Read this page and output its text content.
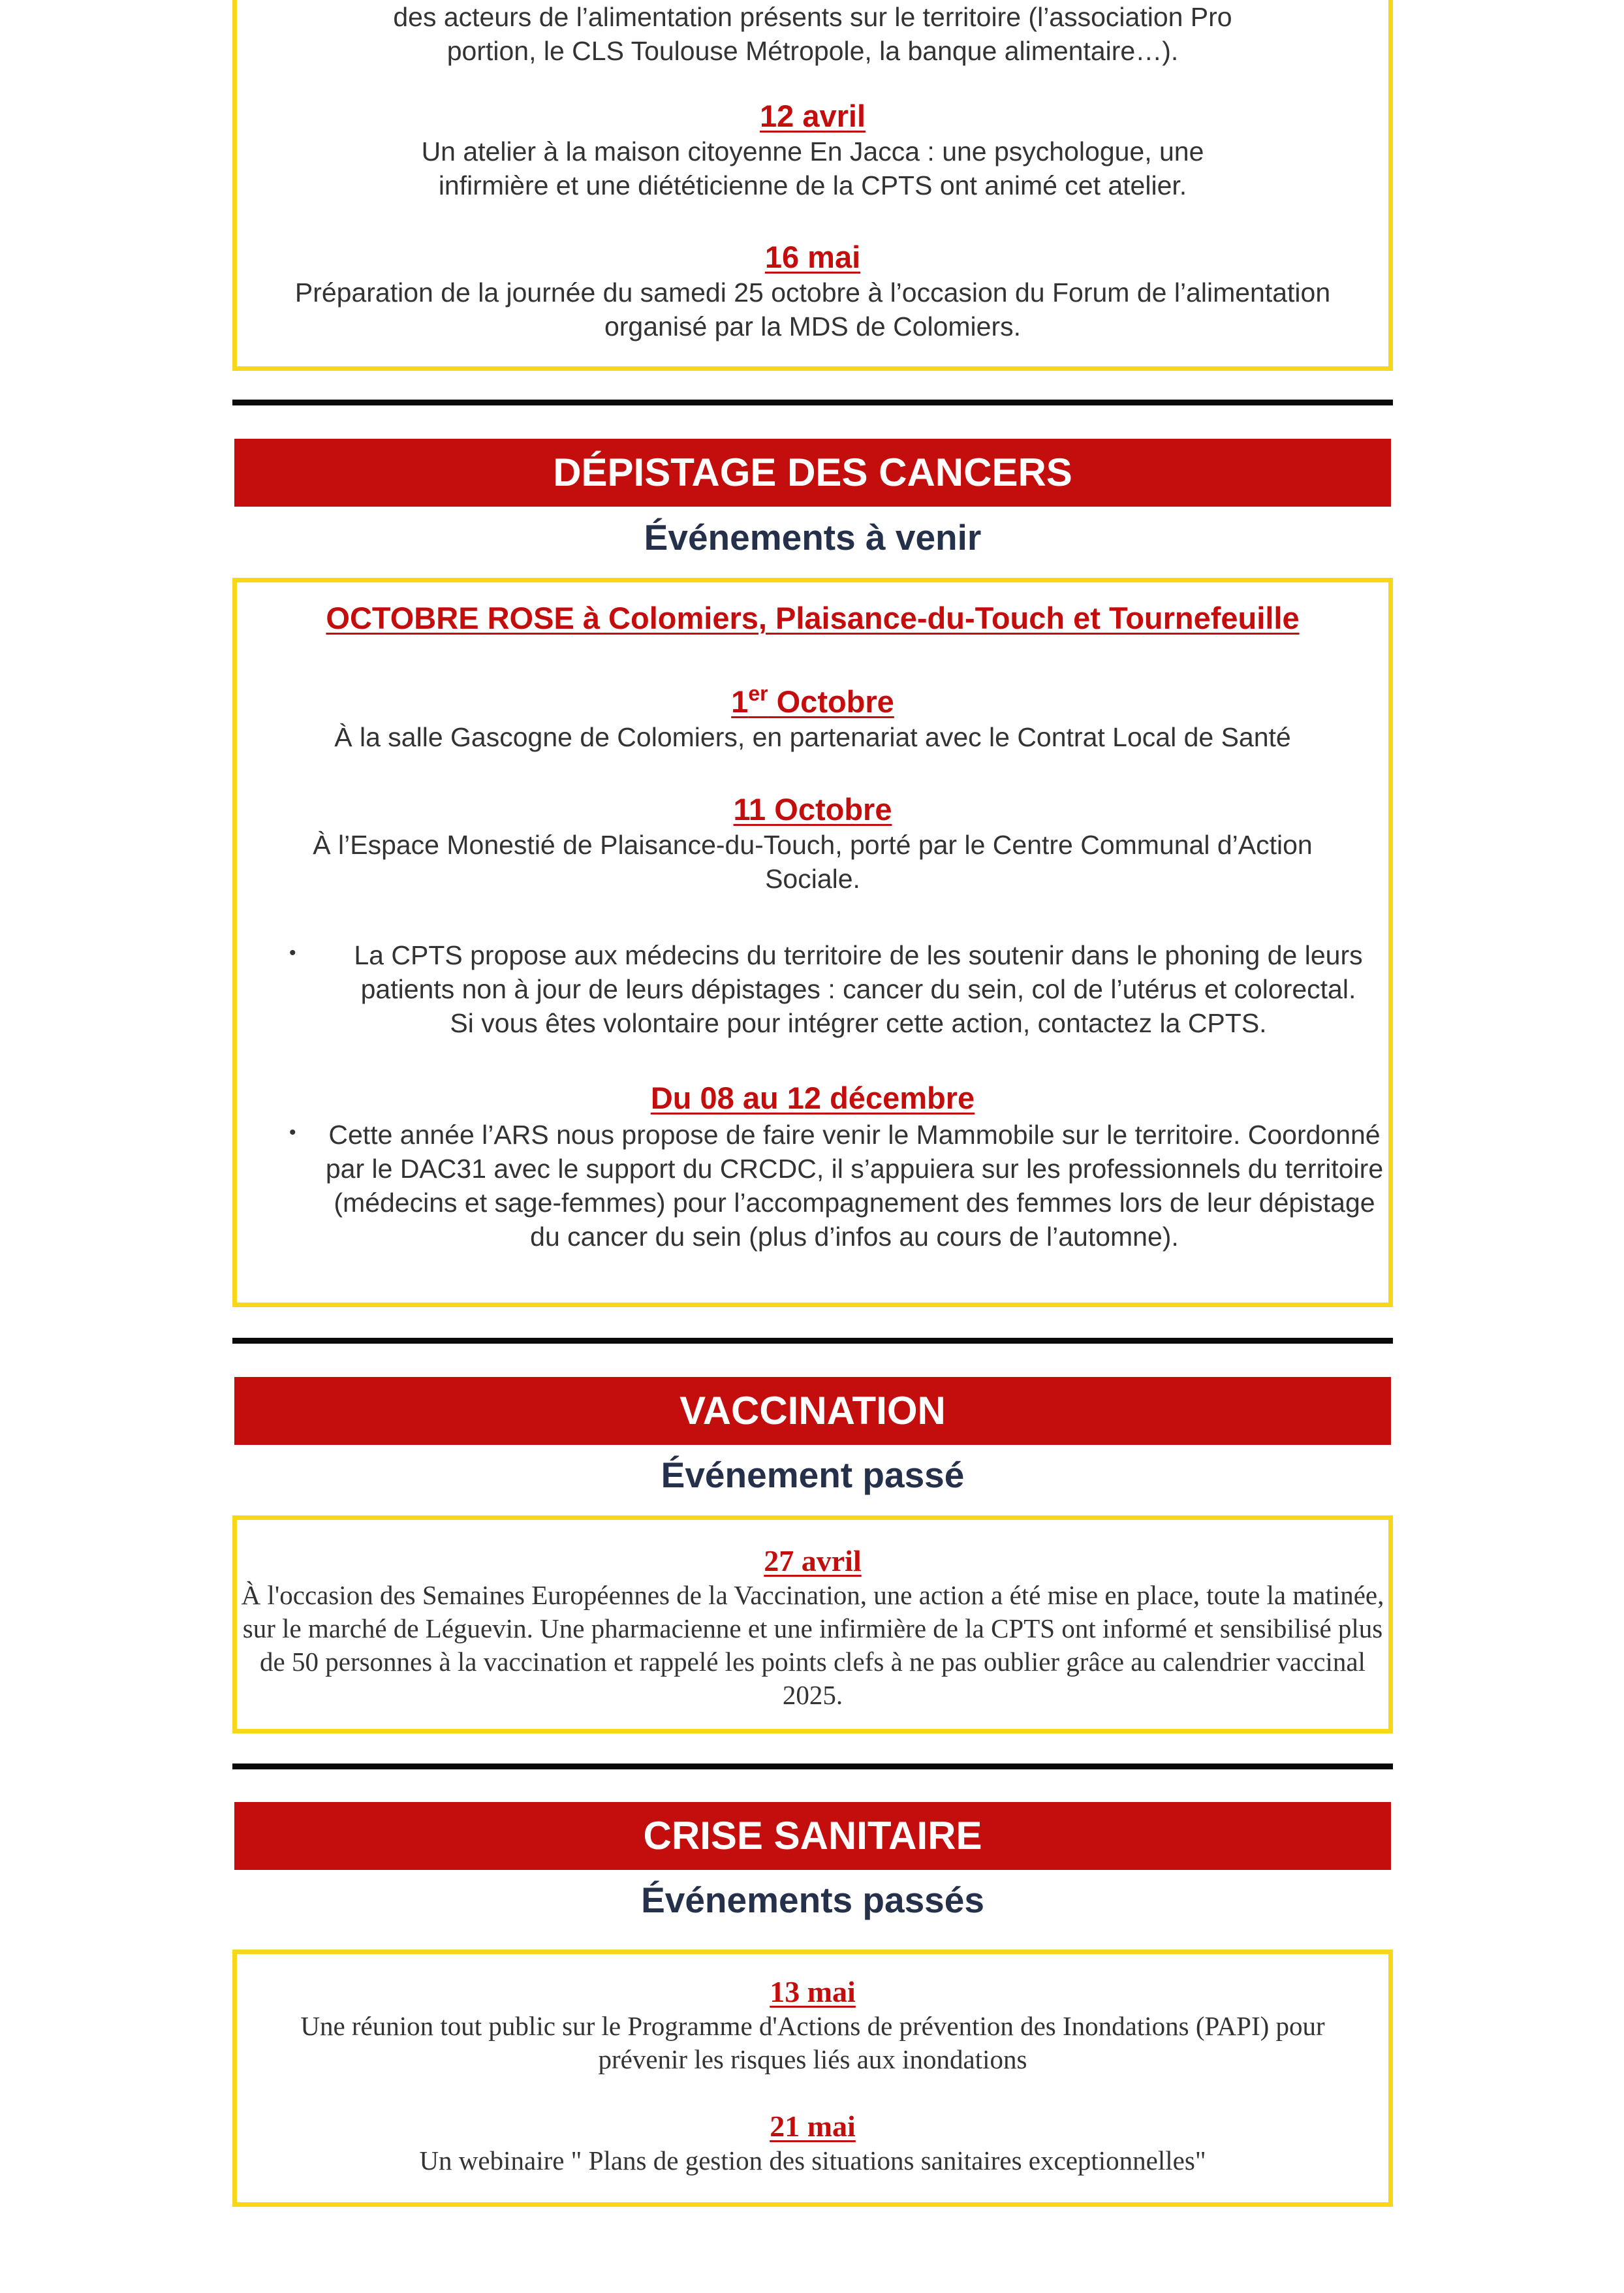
des acteurs de l’alimentation présents sur le territoire (l’association Pro portion, le CLS Toulouse Métropole, la banque alimentaire…).
12 avril
Un atelier à la maison citoyenne En Jacca : une psychologue, une infirmière et une diététicienne de la CPTS ont animé cet atelier.
16 mai
Préparation de la journée du samedi 25 octobre à l’occasion du Forum de l’alimentation organisé par la MDS de Colomiers.
DÉPISTAGE DES CANCERS
Événements à venir
OCTOBRE ROSE à Colomiers, Plaisance-du-Touch et Tournefeuille
1er Octobre
À la salle Gascogne de Colomiers, en partenariat avec le Contrat Local de Santé
11 Octobre
À l’Espace Monestié de Plaisance-du-Touch, porté par le Centre Communal d’Action Sociale.
• La CPTS propose aux médecins du territoire de les soutenir dans le phoning de leurs patients non à jour de leurs dépistages : cancer du sein, col de l’utérus et colorectal. Si vous êtes volontaire pour intégrer cette action, contactez la CPTS.
Du 08 au 12 décembre
• Cette année l’ARS nous propose de faire venir le Mammobile sur le territoire. Coordonné par le DAC31 avec le support du CRCDC, il s’appuiera sur les professionnels du territoire (médecins et sage-femmes) pour l’accompagnement des femmes lors de leur dépistage du cancer du sein (plus d’infos au cours de l’automne).
VACCINATION
Événement passé
27 avril
À l'occasion des Semaines Européennes de la Vaccination, une action a été mise en place, toute la matinée, sur le marché de Léguevin. Une pharmacienne et une infirmière de la CPTS ont informé et sensibilisé plus de 50 personnes à la vaccination et rappelé les points clefs à ne pas oublier grâce au calendrier vaccinal 2025.
CRISE SANITAIRE
Événements passés
13 mai
Une réunion tout public sur le Programme d'Actions de prévention des Inondations (PAPI) pour prévenir les risques liés aux inondations
21 mai
Un webinaire " Plans de gestion des situations sanitaires exceptionnelles"
